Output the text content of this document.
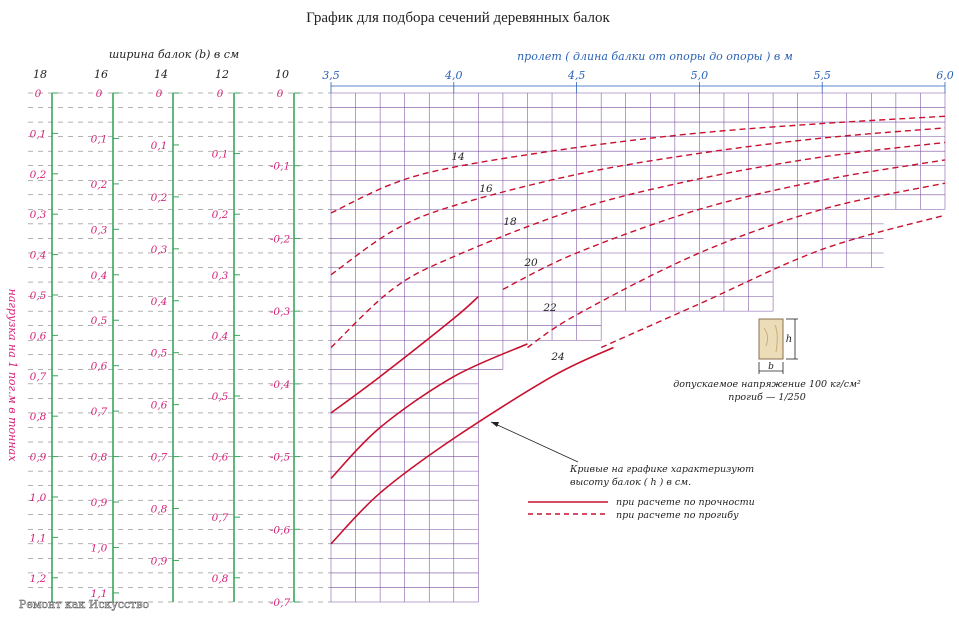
График для подбора сечений деревянных балок
ширина балок (b) в см	пролет ( длина балки от опоры до опоры ) в м
нагрузка на 1 пог.м в тоннах
18
0
0,1
0,2
0,3
0,4
0,5
0,6
0,7
0,8
0,9
1,0
1,1
1,2
16
0
0,1
0,2
0,3
0,4
0,5
0,6
0,7
0,8
0,9
1,0
1,1
14
0
0,1
0,2
0,3
0,4
0,5
0,6
0,7
0,8
0,9
12
0
0,1
0,2
0,3
0,4
0,5
0,6
0,7
0,8
10
0
-0,1
-0,2
-0,3
-0,4
-0,5
-0,6
-0,7
3,5	4,0	4,5	5,0	5,5	6,0
14
16
18
20
22
24
h
b
допускаемое напряжение 100 кг/см²
прогиб — 1/250
Кривые на графике характеризуют
высоту балок ( h ) в см.
при расчете по прочности
при расчете по прогибу
Ремонт как Искусство
